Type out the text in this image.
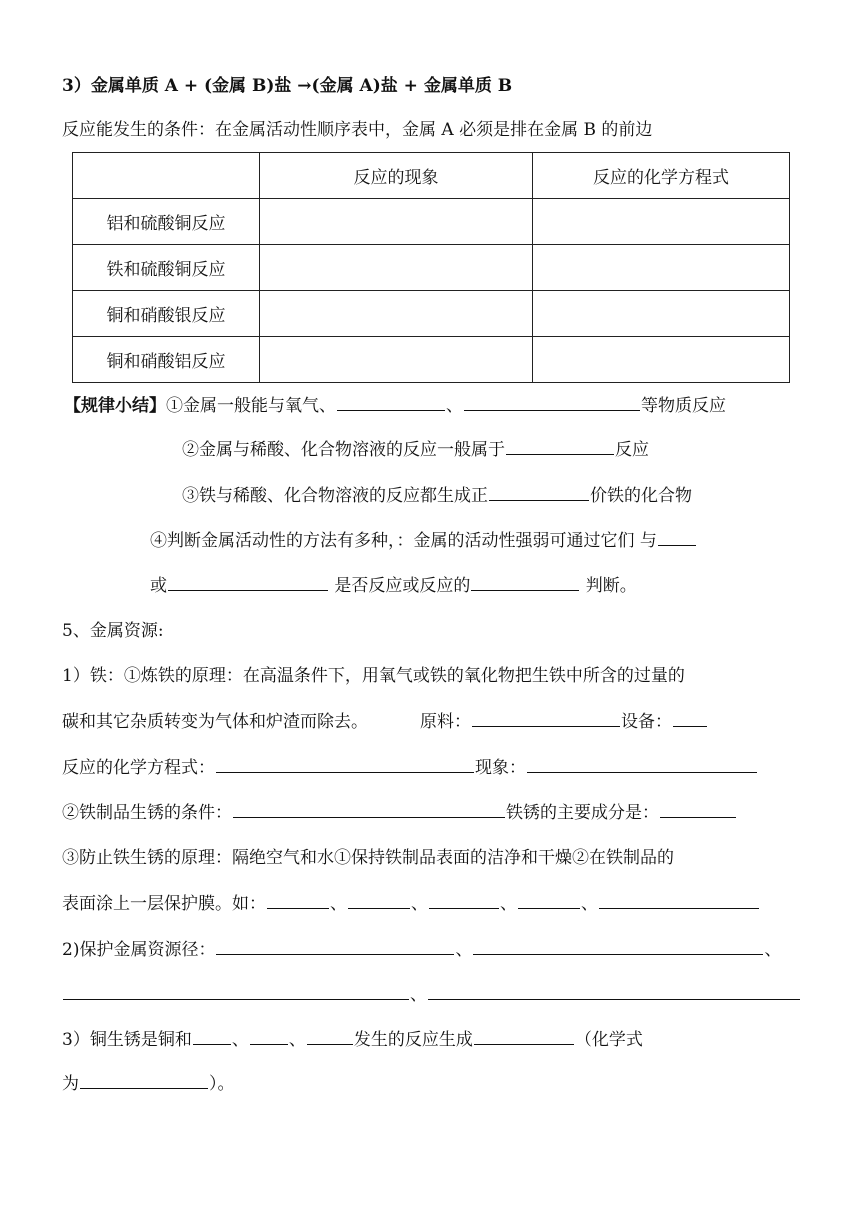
3）金属单质 A + (金属 B)盐 →(金属 A)盐 + 金属单质 B
反应能发生的条件：在金属活动性顺序表中，金属 A 必须是排在金属 B 的前边
	反应的现象	反应的化学方程式
铝和硫酸铜反应		
铁和硫酸铜反应		
铜和硝酸银反应		
铜和硝酸铝反应		
【规律小结】①金属一般能与氧气、	、	等物质反应
②金属与稀酸、化合物溶液的反应一般属于	反应
③铁与稀酸、化合物溶液的反应都生成正	价铁的化合物
④判断金属活动性的方法有多种，：金属的活动性强弱可通过它们 与
或	是否反应或反应的	判断。
5、金属资源:
1）铁：①炼铁的原理：在高温条件下，用氧气或铁的氧化物把生铁中所含的过量的
碳和其它杂质转变为气体和炉渣而除去。	原料：	设备：
反应的化学方程式：	现象：
②铁制品生锈的条件：	铁锈的主要成分是：
③防止铁生锈的原理：隔绝空气和水①保持铁制品表面的洁净和干燥②在铁制品的
表面涂上一层保护膜。如：	、	、	、	、
2)保护金属资源径：	、	、
、
3）铜生锈是铜和 、 、	发生的反应生成	（化学式
为	）。
